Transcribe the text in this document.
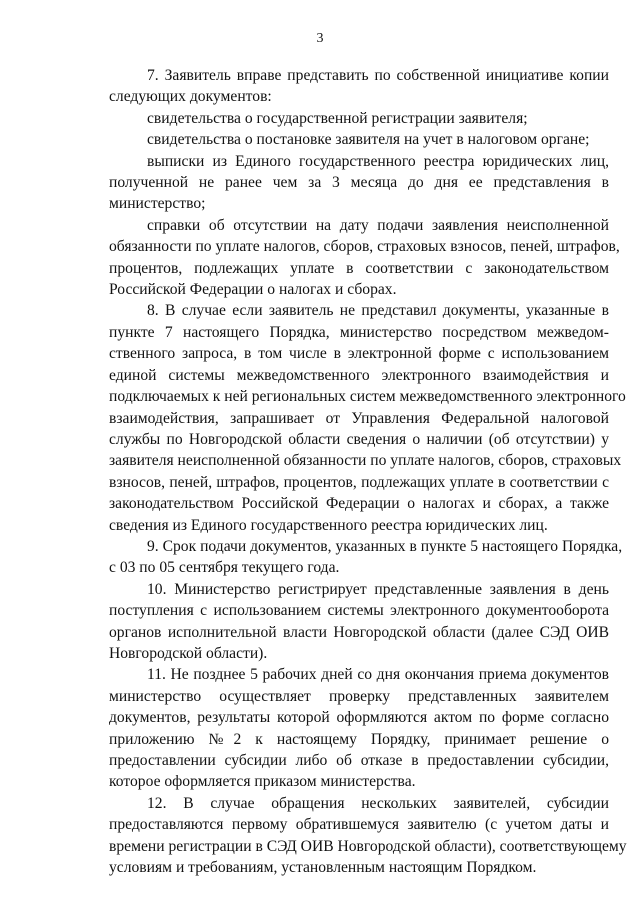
3
7. Заявитель вправе представить по собственной инициативе копии
следующих документов:
свидетельства о государственной регистрации заявителя;
свидетельства о постановке заявителя на учет в налоговом органе;
выписки из Единого государственного реестра юридических лиц,
полученной не ранее чем за 3 месяца до дня ее представления в
министерство;
справки об отсутствии на дату подачи заявления неисполненной
обязанности по уплате налогов, сборов, страховых взносов, пеней, штрафов,
процентов, подлежащих уплате в соответствии с законодательством
Российской Федерации о налогах и сборах.
8. В случае если заявитель не представил документы, указанные в
пункте 7 настоящего Порядка, министерство посредством межведом-
ственного запроса, в том числе в электронной форме с использованием
единой системы межведомственного электронного взаимодействия и
подключаемых к ней региональных систем межведомственного электронного
взаимодействия, запрашивает от Управления Федеральной налоговой
службы по Новгородской области сведения о наличии (об отсутствии) у
заявителя неисполненной обязанности по уплате налогов, сборов, страховых
взносов, пеней, штрафов, процентов, подлежащих уплате в соответствии с
законодательством Российской Федерации о налогах и сборах, а также
сведения из Единого государственного реестра юридических лиц.
9. Срок подачи документов, указанных в пункте 5 настоящего Порядка,
с 03 по 05 сентября текущего года.
10. Министерство регистрирует представленные заявления в день
поступления с использованием системы электронного документооборота
органов исполнительной власти Новгородской области (далее СЭД ОИВ
Новгородской области).
11. Не позднее 5 рабочих дней со дня окончания приема документов
министерство осуществляет проверку представленных заявителем
документов, результаты которой оформляются актом по форме согласно
приложению №2 к настоящему Порядку, принимает решение о
предоставлении субсидии либо об отказе в предоставлении субсидии,
которое оформляется приказом министерства.
12. В случае обращения нескольких заявителей, субсидии
предоставляются первому обратившемуся заявителю (с учетом даты и
времени регистрации в СЭД ОИВ Новгородской области), соответствующему
условиям и требованиям, установленным настоящим Порядком.
